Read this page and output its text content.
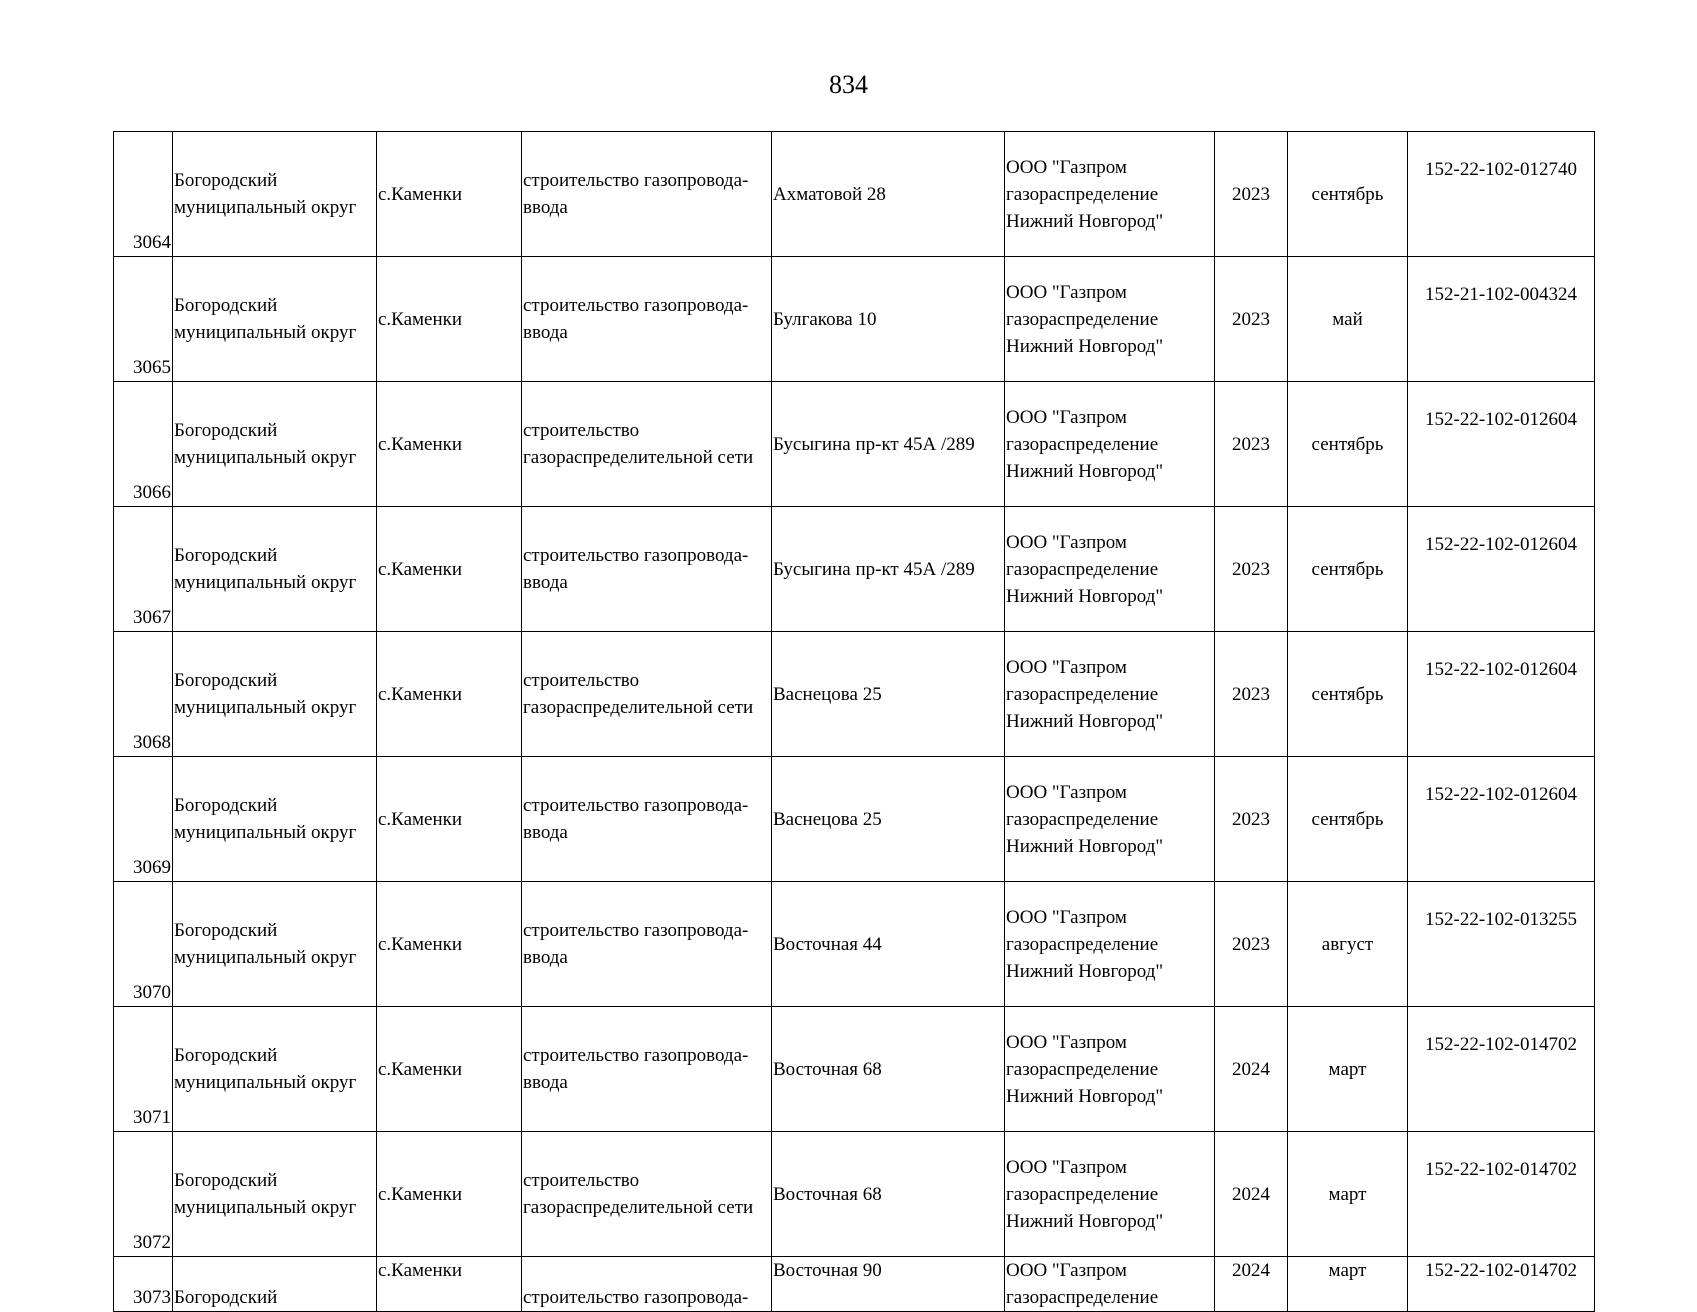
834
3064	Богородский
муниципальный округ	с.Каменки	строительство газопровода-
ввода	Ахматовой 28	ООО "Газпром
газораспределение
Нижний Новгород"	2023	сентябрь	152-22-102-012740

3065	Богородский
муниципальный округ	с.Каменки	строительство газопровода-
ввода	Булгакова 10	ООО "Газпром
газораспределение
Нижний Новгород"	2023	май	152-21-102-004324

3066	Богородский
муниципальный округ	с.Каменки	строительство
газораспределительной сети	Бусыгина пр-кт 45А /289	ООО "Газпром
газораспределение
Нижний Новгород"	2023	сентябрь	152-22-102-012604

3067	Богородский
муниципальный округ	с.Каменки	строительство газопровода-
ввода	Бусыгина пр-кт 45А /289	ООО "Газпром
газораспределение
Нижний Новгород"	2023	сентябрь	152-22-102-012604

3068	Богородский
муниципальный округ	с.Каменки	строительство
газораспределительной сети	Васнецова 25	ООО "Газпром
газораспределение
Нижний Новгород"	2023	сентябрь	152-22-102-012604

3069	Богородский
муниципальный округ	с.Каменки	строительство газопровода-
ввода	Васнецова 25	ООО "Газпром
газораспределение
Нижний Новгород"	2023	сентябрь	152-22-102-012604

3070	Богородский
муниципальный округ	с.Каменки	строительство газопровода-
ввода	Восточная 44	ООО "Газпром
газораспределение
Нижний Новгород"	2023	август	152-22-102-013255

3071	Богородский
муниципальный округ	с.Каменки	строительство газопровода-
ввода	Восточная 68	ООО "Газпром
газораспределение
Нижний Новгород"	2024	март	152-22-102-014702

3072	Богородский
муниципальный округ	с.Каменки	строительство
газораспределительной сети	Восточная 68	ООО "Газпром
газораспределение
Нижний Новгород"	2024	март	152-22-102-014702

3073	Богородский	с.Каменки	строительство газопровода-	Восточная 90	ООО "Газпром
газораспределение	2024	март	152-22-102-014702
